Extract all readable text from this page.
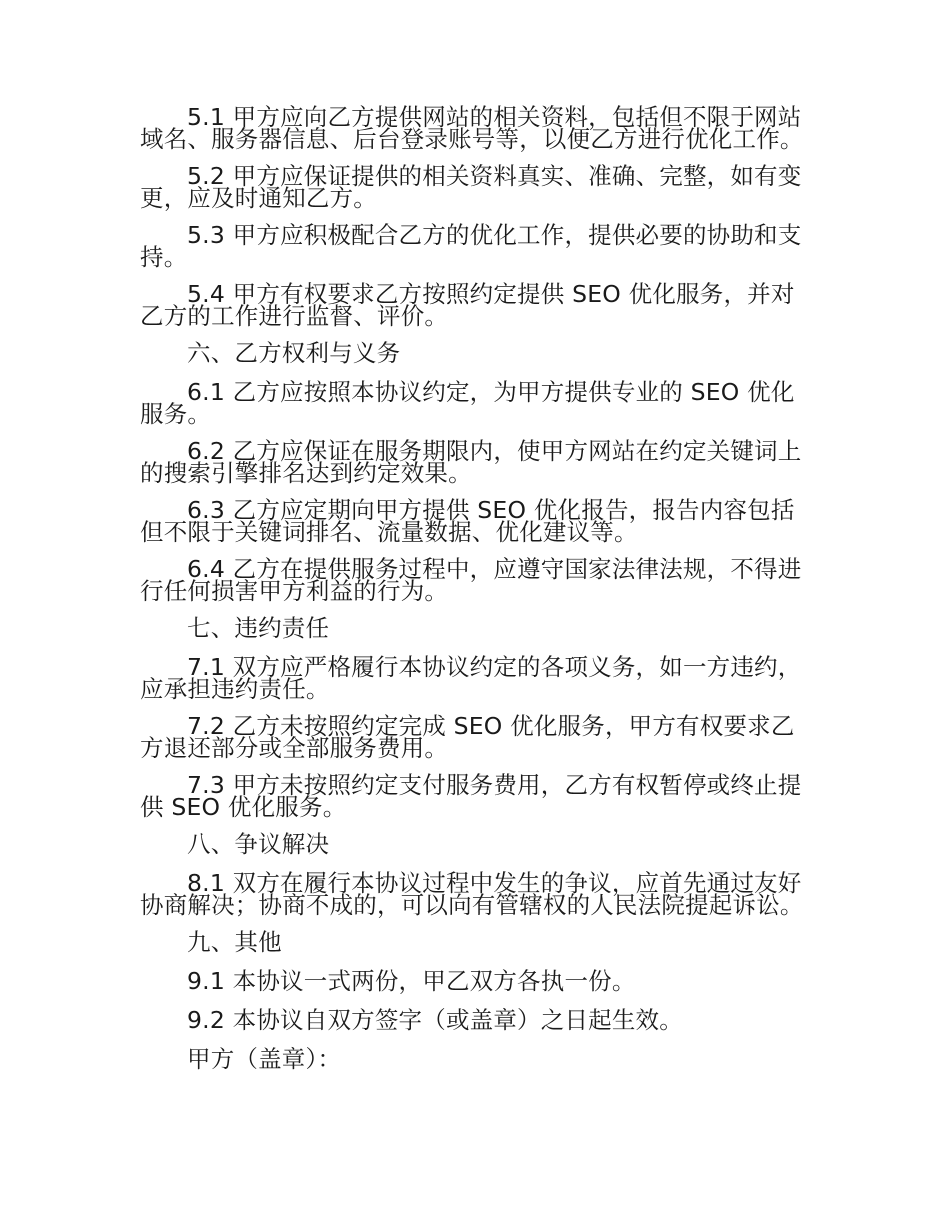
5.1 甲方应向乙方提供网站的相关资料，包括但不限于网站域名、服务器信息、后台登录账号等，以便乙方进行优化工作。

5.2 甲方应保证提供的相关资料真实、准确、完整，如有变更，应及时通知乙方。

5.3 甲方应积极配合乙方的优化工作，提供必要的协助和支持。

5.4 甲方有权要求乙方按照约定提供 SEO 优化服务，并对乙方的工作进行监督、评价。

六、乙方权利与义务

6.1 乙方应按照本协议约定，为甲方提供专业的 SEO 优化服务。

6.2 乙方应保证在服务期限内，使甲方网站在约定关键词上的搜索引擎排名达到约定效果。

6.3 乙方应定期向甲方提供 SEO 优化报告，报告内容包括但不限于关键词排名、流量数据、优化建议等。

6.4 乙方在提供服务过程中，应遵守国家法律法规，不得进行任何损害甲方利益的行为。

七、违约责任

7.1 双方应严格履行本协议约定的各项义务，如一方违约，应承担违约责任。

7.2 乙方未按照约定完成 SEO 优化服务，甲方有权要求乙方退还部分或全部服务费用。

7.3 甲方未按照约定支付服务费用，乙方有权暂停或终止提供 SEO 优化服务。

八、争议解决

8.1 双方在履行本协议过程中发生的争议，应首先通过友好协商解决；协商不成的，可以向有管辖权的人民法院提起诉讼。

九、其他

9.1 本协议一式两份，甲乙双方各执一份。

9.2 本协议自双方签字（或盖章）之日起生效。

甲方（盖章）：
